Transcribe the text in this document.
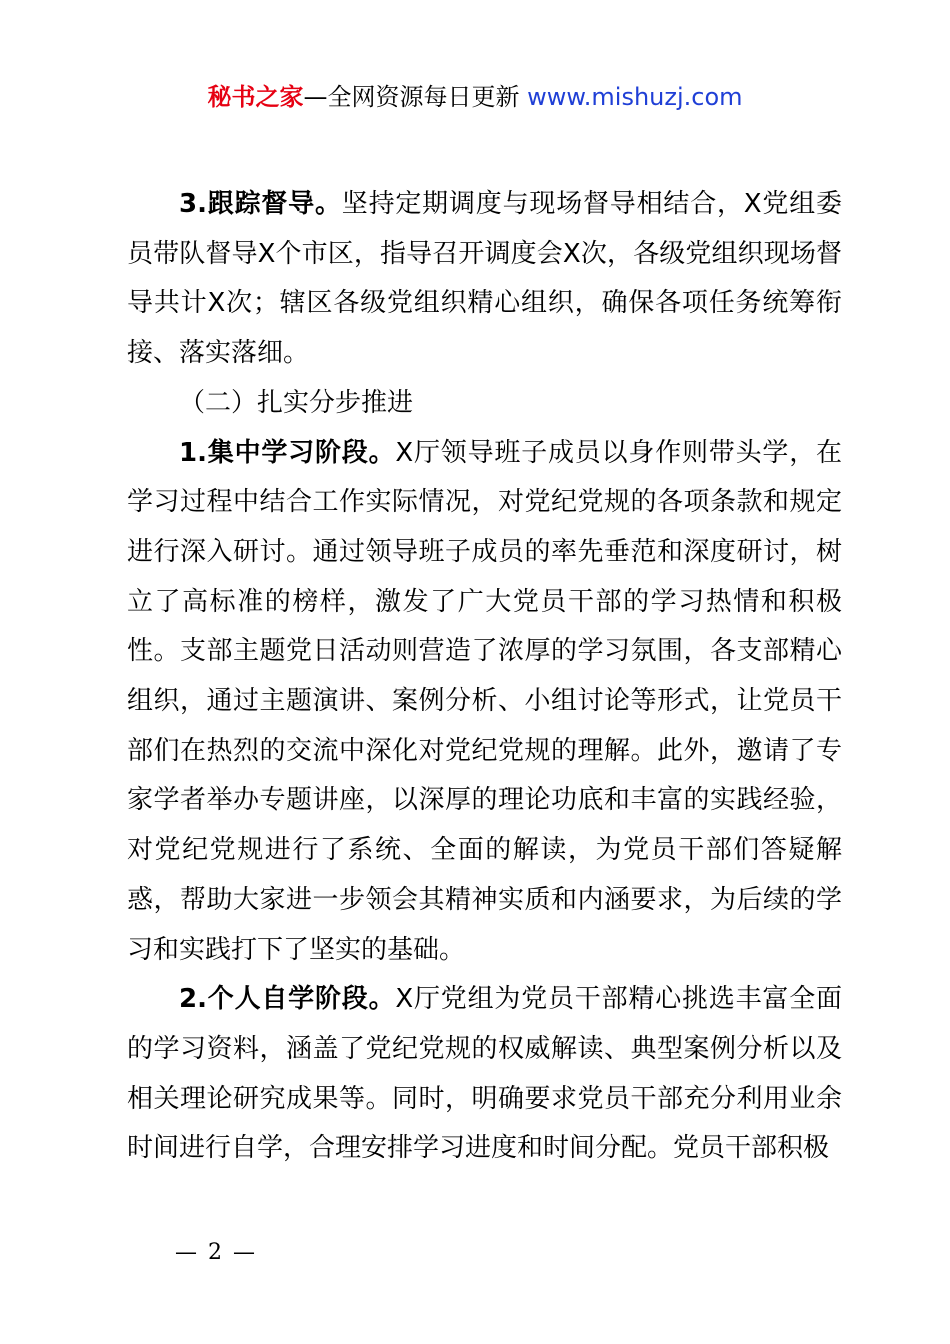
秘书之家—全网资源每日更新 www.mishuzj.com

3.跟踪督导。坚持定期调度与现场督导相结合，X党组委员带队督导X个市区，指导召开调度会X次，各级党组织现场督导共计X次；辖区各级党组织精心组织，确保各项任务统筹衔接、落实落细。

（二）扎实分步推进

1.集中学习阶段。X厅领导班子成员以身作则带头学，在学习过程中结合工作实际情况，对党纪党规的各项条款和规定进行深入研讨。通过领导班子成员的率先垂范和深度研讨，树立了高标准的榜样，激发了广大党员干部的学习热情和积极性。支部主题党日活动则营造了浓厚的学习氛围，各支部精心组织，通过主题演讲、案例分析、小组讨论等形式，让党员干部们在热烈的交流中深化对党纪党规的理解。此外，邀请了专家学者举办专题讲座，以深厚的理论功底和丰富的实践经验，对党纪党规进行了系统、全面的解读，为党员干部们答疑解惑，帮助大家进一步领会其精神实质和内涵要求，为后续的学习和实践打下了坚实的基础。

2.个人自学阶段。X厅党组为党员干部精心挑选丰富全面的学习资料，涵盖了党纪党规的权威解读、典型案例分析以及相关理论研究成果等。同时，明确要求党员干部充分利用业余时间进行自学，合理安排学习进度和时间分配。党员干部积极

— 2 —
